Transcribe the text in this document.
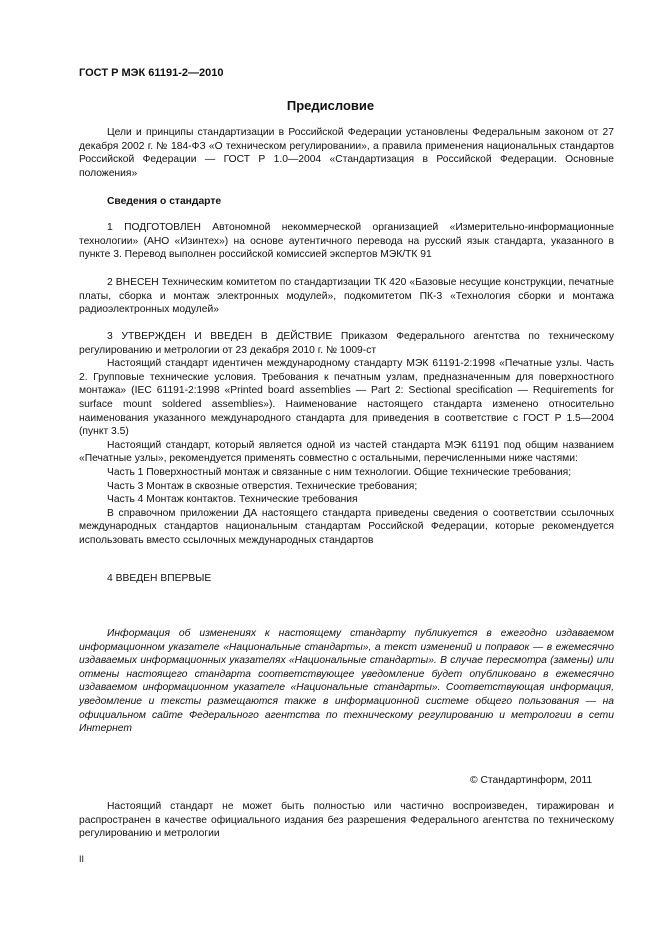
ГОСТ Р МЭК 61191-2—2010
Предисловие

Цели и принципы стандартизации в Российской Федерации установлены Федеральным законом от 27 декабря 2002 г. № 184-ФЗ «О техническом регулировании», а правила применения национальных стандартов Российской Федерации — ГОСТ Р 1.0—2004 «Стандартизация в Российской Федерации. Основные положения»

Сведения о стандарте

1 ПОДГОТОВЛЕН Автономной некоммерческой организацией «Измерительно-информационные технологии» (АНО «Изинтех») на основе аутентичного перевода на русский язык стандарта, указанного в пункте 3. Перевод выполнен российской комиссией экспертов МЭК/ТК 91

2 ВНЕСЕН Техническим комитетом по стандартизации ТК 420 «Базовые несущие конструкции, печатные платы, сборка и монтаж электронных модулей», подкомитетом ПК-3 «Технология сборки и монтажа радиоэлектронных модулей»

3 УТВЕРЖДЕН И ВВЕДЕН В ДЕЙСТВИЕ Приказом Федерального агентства по техническому регулированию и метрологии от 23 декабря 2010 г. № 1009-ст

Настоящий стандарт идентичен международному стандарту МЭК 61191-2:1998 «Печатные узлы. Часть 2. Групповые технические условия. Требования к печатным узлам, предназначенным для поверхностного монтажа» (IEC 61191-2:1998 «Printed board assemblies — Part 2: Sectional specification — Requirements for surface mount soldered assemblies»). Наименование настоящего стандарта изменено относительно наименования указанного международного стандарта для приведения в соответствие с ГОСТ Р 1.5—2004 (пункт 3.5)

Настоящий стандарт, который является одной из частей стандарта МЭК 61191 под общим названием «Печатные узлы», рекомендуется применять совместно с остальными, перечисленными ниже частями:

Часть 1 Поверхностный монтаж и связанные с ним технологии. Общие технические требования;

Часть 3 Монтаж в сквозные отверстия. Технические требования;

Часть 4 Монтаж контактов. Технические требования

В справочном приложении ДА настоящего стандарта приведены сведения о соответствии ссылочных международных стандартов национальным стандартам Российской Федерации, которые рекомендуется использовать вместо ссылочных международных стандартов

4 ВВЕДЕН ВПЕРВЫЕ

Информация об изменениях к настоящему стандарту публикуется в ежегодно издаваемом информационном указателе «Национальные стандарты», а текст изменений и поправок — в ежемесячно издаваемых информационных указателях «Национальные стандарты». В случае пересмотра (замены) или отмены настоящего стандарта соответствующее уведомление будет опубликовано в ежемесячно издаваемом информационном указателе «Национальные стандарты». Соответствующая информация, уведомление и тексты размещаются также в информационной системе общего пользования — на официальном сайте Федерального агентства по техническому регулированию и метрологии в сети Интернет

© Стандартинформ, 2011

Настоящий стандарт не может быть полностью или частично воспроизведен, тиражирован и распространен в качестве официального издания без разрешения Федерального агентства по техническому регулированию и метрологии

II
